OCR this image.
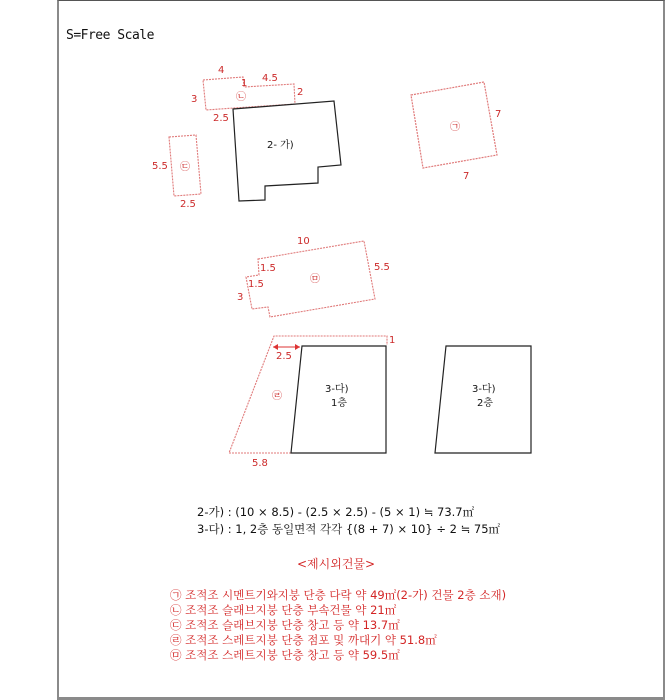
S=Free Scale
㉠
7
7
㉡
4
1 4.5
2
3
2.5
2- 가)
㉢
5.5
2.5
㉤
10
1.5
1.5
3
5.5
㉣
1
2.5
5.8
3-다)
1층
3-다)
2층
2-가) : (10 × 8.5) - (2.5 × 2.5) - (5 × 1) ≒ 73.7㎡
3-다) : 1, 2층 동일면적 각각 {(8 + 7) × 10} ÷ 2 ≒ 75㎡
<제시외건물>
㉠ 조적조 시멘트기와지붕 단층 다락 약 49㎡(2-가) 건물 2층 소재)
㉡ 조적조 슬래브지붕 단층 부속건물 약 21㎡
㉢ 조적조 슬래브지붕 단층 창고 등 약 13.7㎡
㉣ 조적조 스레트지붕 단층 점포 및 까대기 약 51.8㎡
㉤ 조적조 스레트지붕 단층 창고 등 약 59.5㎡
